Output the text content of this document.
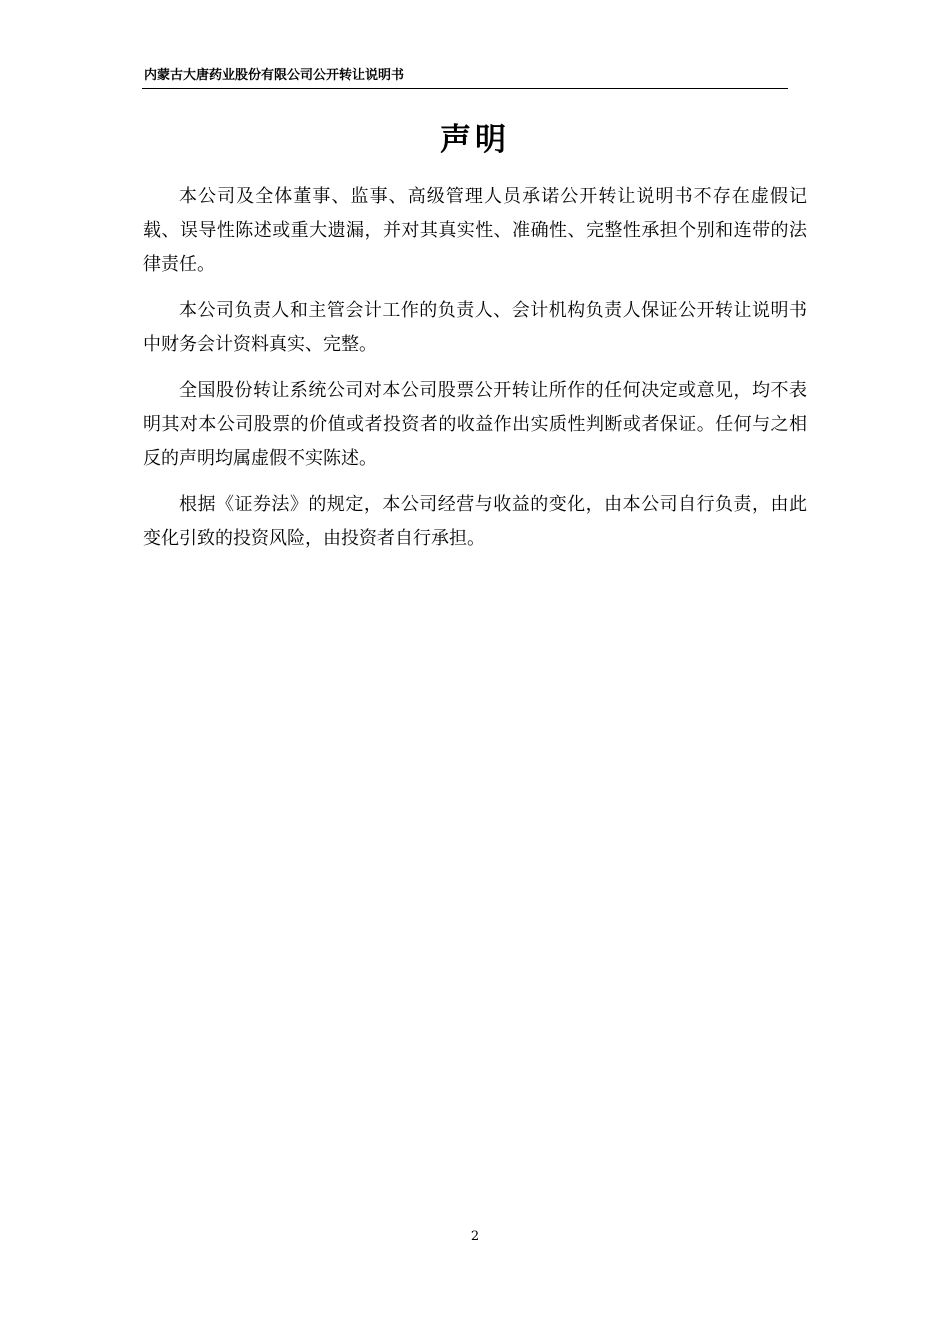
内蒙古大唐药业股份有限公司公开转让说明书
声明

本公司及全体董事、监事、高级管理人员承诺公开转让说明书不存在虚假记载、误导性陈述或重大遗漏，并对其真实性、准确性、完整性承担个别和连带的法律责任。

本公司负责人和主管会计工作的负责人、会计机构负责人保证公开转让说明书中财务会计资料真实、完整。

全国股份转让系统公司对本公司股票公开转让所作的任何决定或意见，均不表明其对本公司股票的价值或者投资者的收益作出实质性判断或者保证。任何与之相反的声明均属虚假不实陈述。

根据《证券法》的规定，本公司经营与收益的变化，由本公司自行负责，由此变化引致的投资风险，由投资者自行承担。

2
